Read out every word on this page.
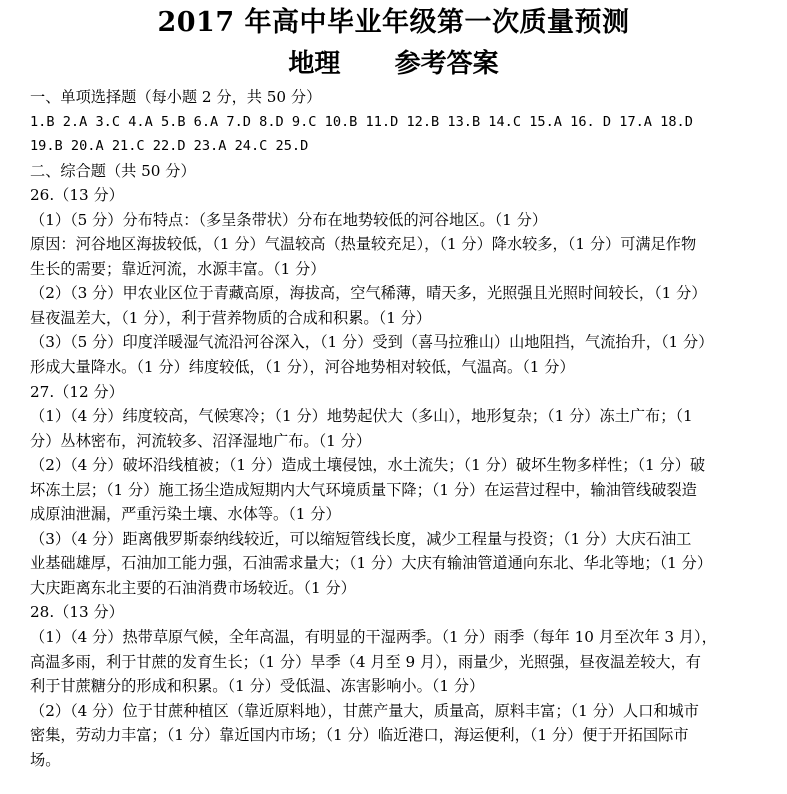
2017 年高中毕业年级第一次质量预测
地理      参考答案
一、单项选择题（每小题 2 分，共 50 分）
1.B 2.A 3.C 4.A 5.B 6.A 7.D 8.D 9.C 10.B 11.D 12.B 13.B 14.C 15.A 16. D 17.A 18.D
19.B 20.A 21.C 22.D 23.A 24.C 25.D
二、综合题（共 50 分）
26.（13 分）
（1）（5 分）分布特点：（多呈条带状）分布在地势较低的河谷地区。（1 分）
原因：河谷地区海拔较低，（1 分）气温较高（热量较充足），（1 分）降水较多，（1 分）可满足作物
生长的需要；靠近河流，水源丰富。（1 分）
（2）（3 分）甲农业区位于青藏高原，海拔高，空气稀薄，晴天多，光照强且光照时间较长，（1 分）
昼夜温差大，（1 分），利于营养物质的合成和积累。（1 分）
（3）（5 分）印度洋暖湿气流沿河谷深入，（1 分）受到（喜马拉雅山）山地阻挡，气流抬升，（1 分）
形成大量降水。（1 分）纬度较低，（1 分），河谷地势相对较低，气温高。（1 分）
27.（12 分）
（1）（4 分）纬度较高，气候寒冷；（1 分）地势起伏大（多山），地形复杂；（1 分）冻土广布；（1
分）丛林密布，河流较多、沼泽湿地广布。（1 分）
（2）（4 分）破坏沿线植被；（1 分）造成土壤侵蚀，水土流失；（1 分）破坏生物多样性；（1 分）破
坏冻土层；（1 分）施工扬尘造成短期内大气环境质量下降；（1 分）在运营过程中，输油管线破裂造
成原油泄漏，严重污染土壤、水体等。（1 分）
（3）（4 分）距离俄罗斯泰纳线较近，可以缩短管线长度，减少工程量与投资；（1 分）大庆石油工
业基础雄厚，石油加工能力强，石油需求量大；（1 分）大庆有输油管道通向东北、华北等地；（1 分）
大庆距离东北主要的石油消费市场较近。（1 分）
28.（13 分）
（1）（4 分）热带草原气候，全年高温，有明显的干湿两季。（1 分）雨季（每年 10 月至次年 3 月），
高温多雨，利于甘蔗的发育生长；（1 分）旱季（4 月至 9 月），雨量少，光照强，昼夜温差较大，有
利于甘蔗糖分的形成和积累。（1 分）受低温、冻害影响小。（1 分）
（2）（4 分）位于甘蔗种植区（靠近原料地），甘蔗产量大，质量高，原料丰富；（1 分）人口和城市
密集，劳动力丰富；（1 分）靠近国内市场；（1 分）临近港口，海运便利，（1 分）便于开拓国际市
场。
